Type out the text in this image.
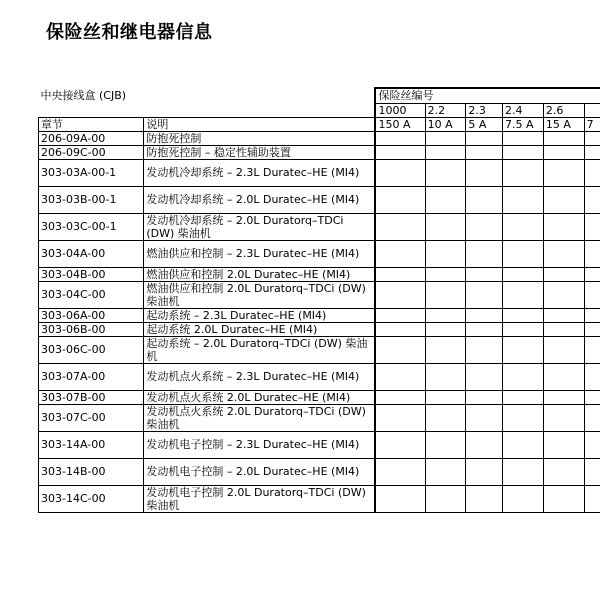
保险丝和继电器信息
中央接线盒 (CJB)		保险丝编号					
		1000	2.2	2.3	2.4	2.6	
章节	说明	150 A	10 A	5 A	7.5 A	15 A	7
206-09A-00	防抱死控制						
206-09C-00	防抱死控制 – 稳定性辅助装置						
303-03A-00-1	发动机冷却系统 – 2.3L Duratec–HE (MI4)						
303-03B-00-1	发动机冷却系统 – 2.0L Duratec–HE (MI4)						
303-03C-00-1	发动机冷却系统 – 2.0L Duratorq–TDCi (DW) 柴油机						
303-04A-00	燃油供应和控制 – 2.3L Duratec–HE (MI4)						
303-04B-00	燃油供应和控制 2.0L Duratec–HE (MI4)						
303-04C-00	燃油供应和控制 2.0L Duratorq–TDCi (DW) 柴油机						
303-06A-00	起动系统 – 2.3L Duratec–HE (MI4)						
303-06B-00	起动系统 2.0L Duratec–HE (MI4)						
303-06C-00	起动系统 – 2.0L Duratorq–TDCi (DW) 柴油机						
303-07A-00	发动机点火系统 – 2.3L Duratec–HE (MI4)						
303-07B-00	发动机点火系统 2.0L Duratec–HE (MI4)						
303-07C-00	发动机点火系统 2.0L Duratorq–TDCi (DW) 柴油机						
303-14A-00	发动机电子控制 – 2.3L Duratec–HE (MI4)						
303-14B-00	发动机电子控制 – 2.0L Duratec–HE (MI4)						
303-14C-00	发动机电子控制 2.0L Duratorq–TDCi (DW) 柴油机						
